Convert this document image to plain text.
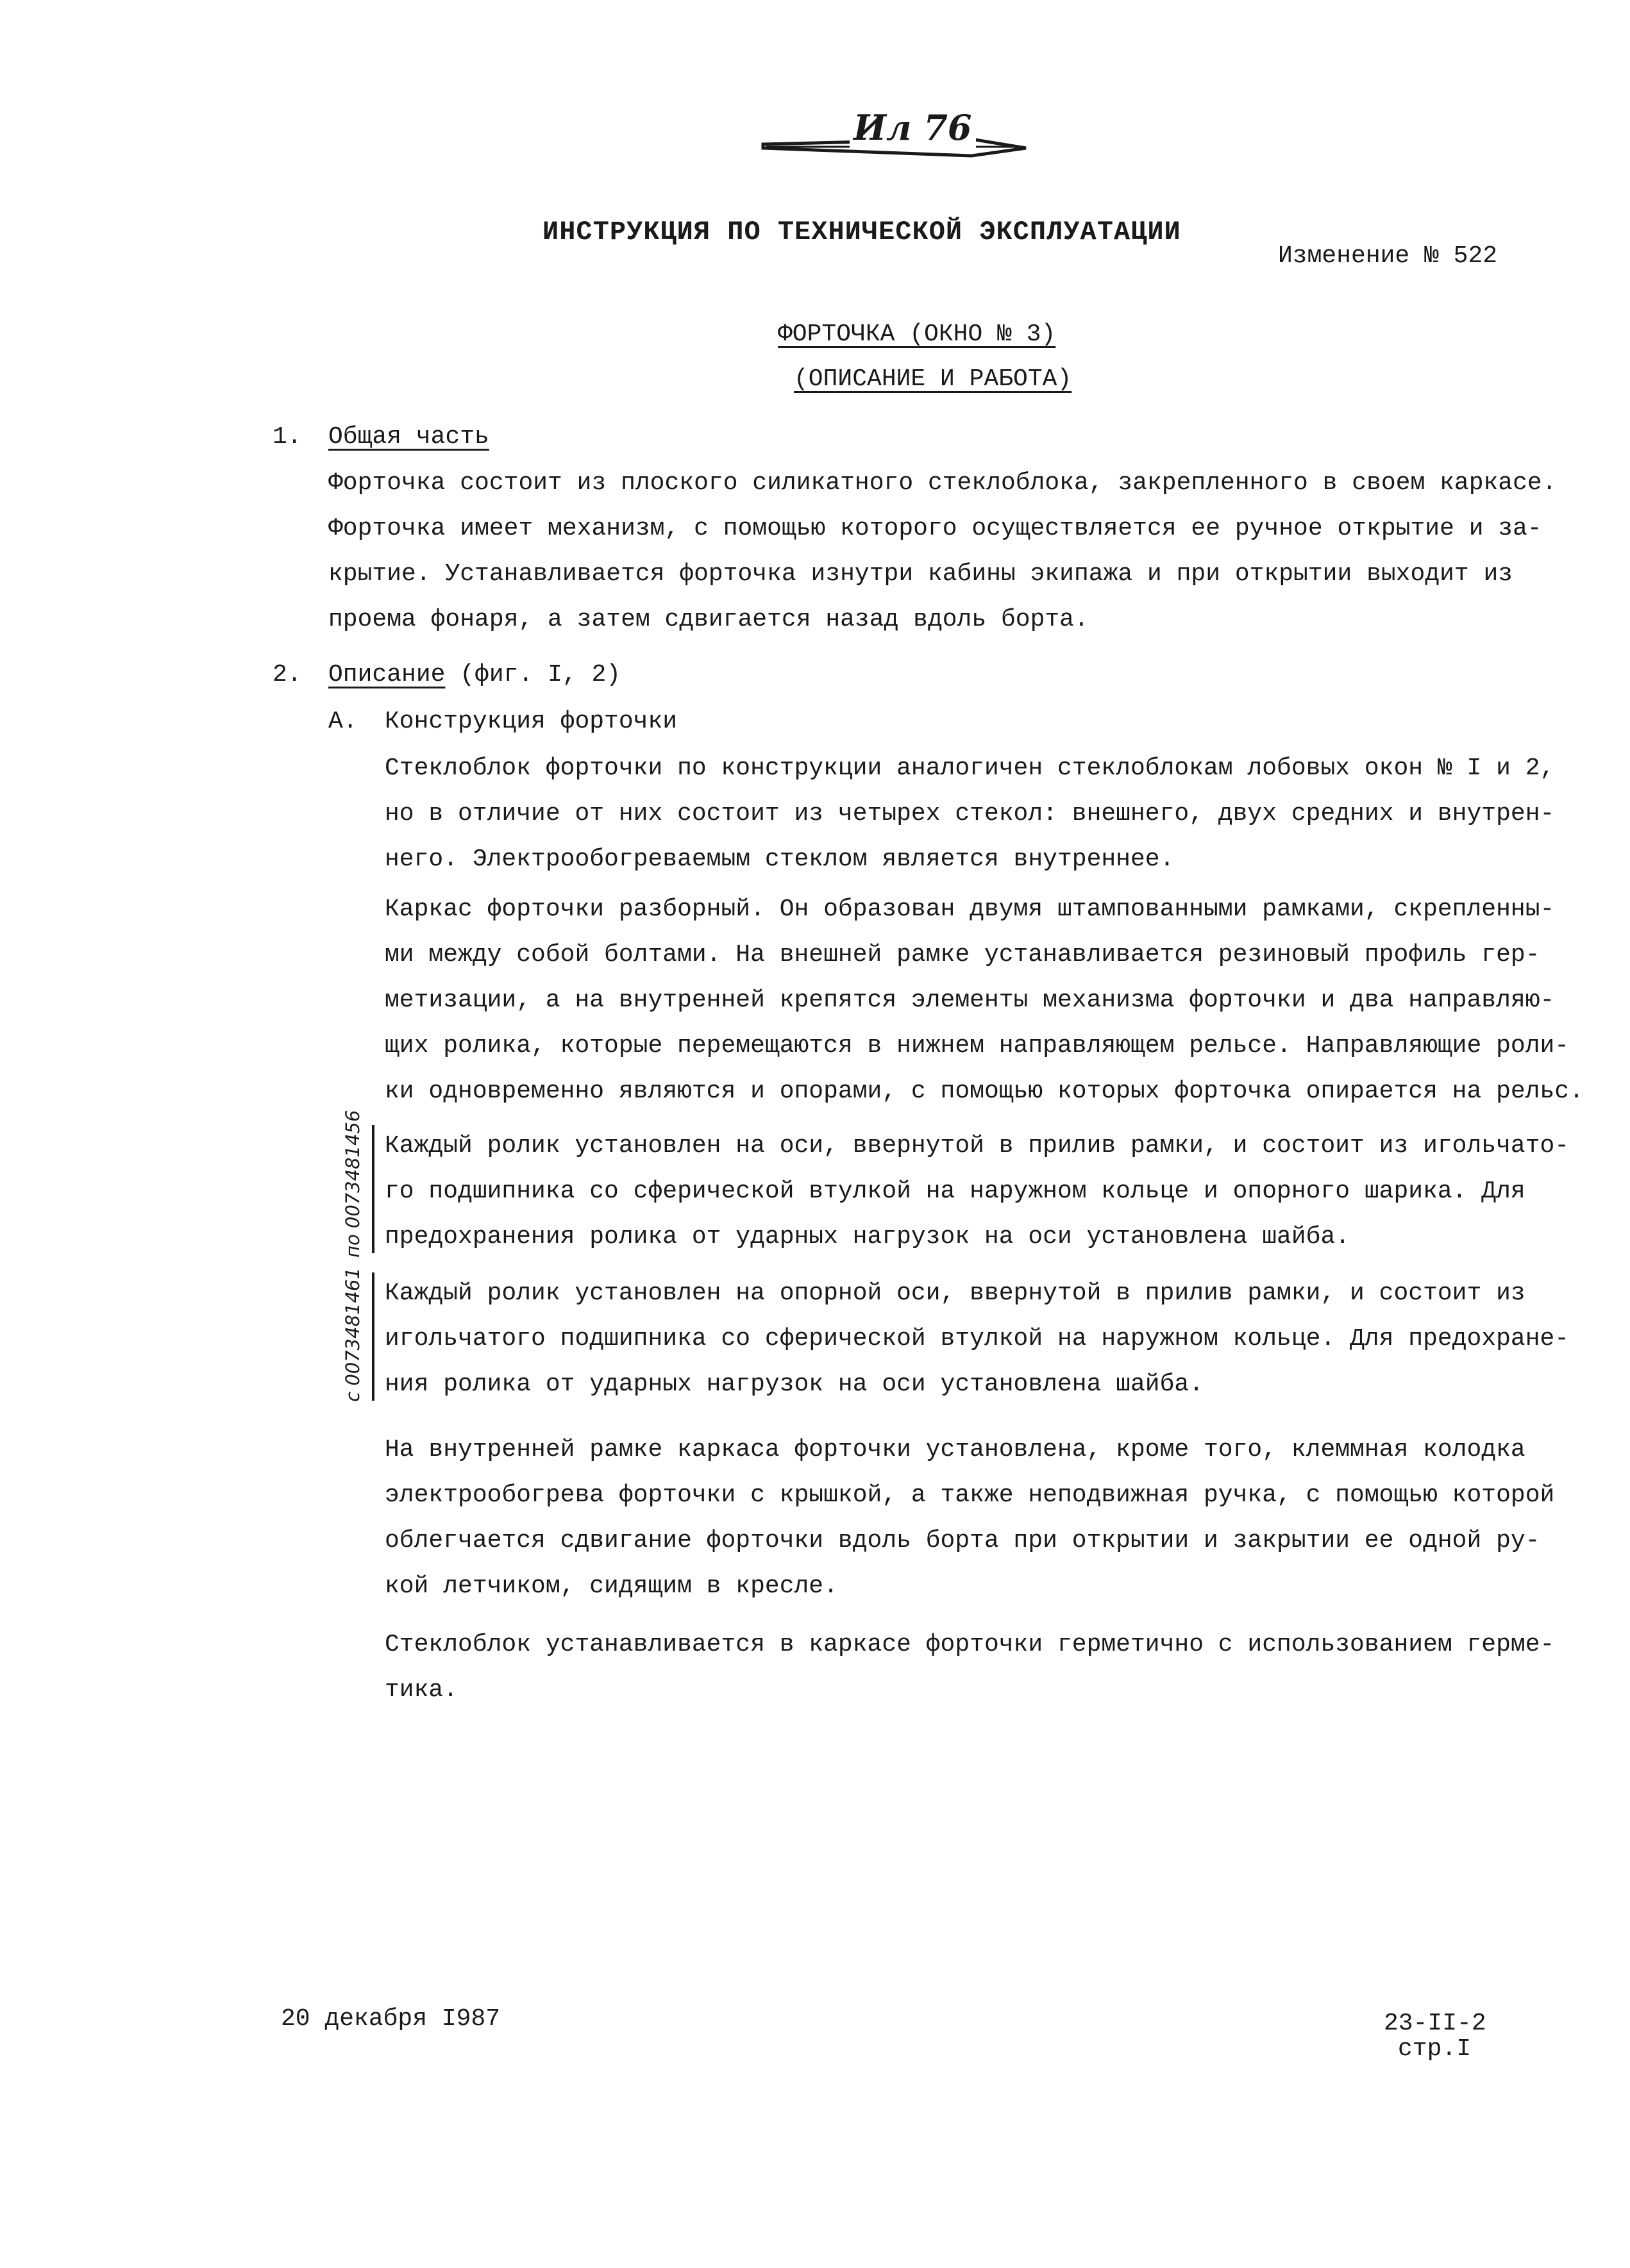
Ил 76
ИНСТРУКЦИЯ ПО ТЕХНИЧЕСКОЙ ЭКСПЛУАТАЦИИ
Изменение № 522
ФОРТОЧКА (ОКНО № 3)
(ОПИСАНИЕ И РАБОТА)
1. Общая часть
Форточка состоит из плоского силикатного стеклоблока, закрепленного в своем каркасе.
Форточка имеет механизм, с помощью которого осуществляется ее ручное открытие и за-
крытие. Устанавливается форточка изнутри кабины экипажа и при открытии выходит из
проема фонаря, а затем сдвигается назад вдоль борта.
2. Описание (фиг. I, 2)
А. Конструкция форточки
Стеклоблок форточки по конструкции аналогичен стеклоблокам лобовых окон № I и 2,
но в отличие от них состоит из четырех стекол: внешнего, двух средних и внутрен-
него. Электрообогреваемым стеклом является внутреннее.
Каркас форточки разборный. Он образован двумя штампованными рамками, скрепленны-
ми между собой болтами. На внешней рамке устанавливается резиновый профиль гер-
метизации, а на внутренней крепятся элементы механизма форточки и два направляю-
щих ролика, которые перемещаются в нижнем направляющем рельсе. Направляющие роли-
ки одновременно являются и опорами, с помощью которых форточка опирается на рельс.
по 0073481456 Каждый ролик установлен на оси, ввернутой в прилив рамки, и состоит из игольчато-
го подшипника со сферической втулкой на наружном кольце и опорного шарика. Для
предохранения ролика от ударных нагрузок на оси установлена шайба.
с 0073481461 Каждый ролик установлен на опорной оси, ввернутой в прилив рамки, и состоит из
игольчатого подшипника со сферической втулкой на наружном кольце. Для предохране-
ния ролика от ударных нагрузок на оси установлена шайба.
На внутренней рамке каркаса форточки установлена, кроме того, клеммная колодка
электрообогрева форточки с крышкой, а также неподвижная ручка, с помощью которой
облегчается сдвигание форточки вдоль борта при открытии и закрытии ее одной ру-
кой летчиком, сидящим в кресле.
Стеклоблок устанавливается в каркасе форточки герметично с использованием герме-
тика.
20 декабря I987	23-II-2
стр.I
